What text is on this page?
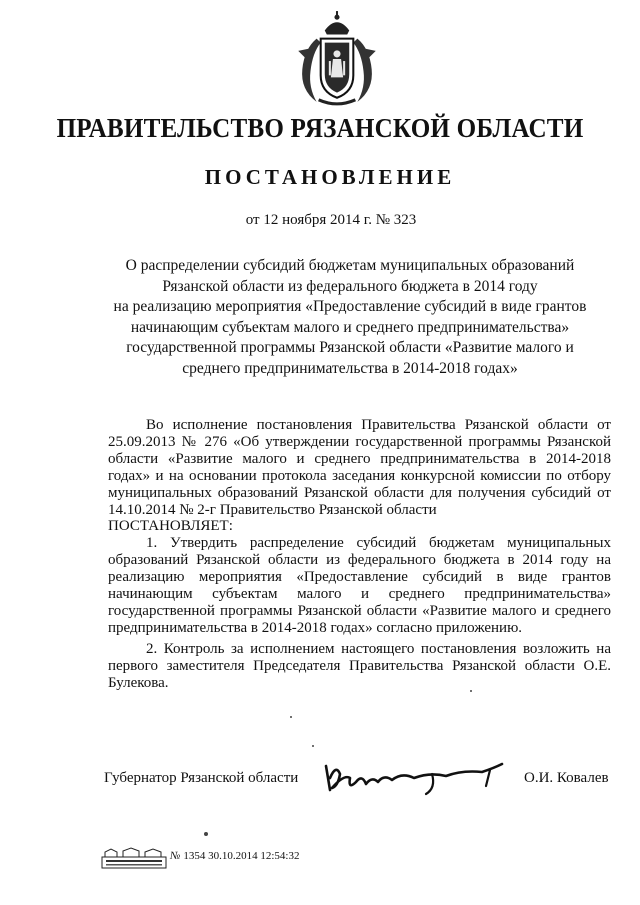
ПРАВИТЕЛЬСТВО РЯЗАНСКОЙ ОБЛАСТИ
ПОСТАНОВЛЕНИЕ
от 12 ноября 2014 г. № 323
О распределении субсидий бюджетам муниципальных образований
Рязанской области из федерального бюджета в 2014 году
на реализацию мероприятия «Предоставление субсидий в виде грантов
начинающим субъектам малого и среднего предпринимательства»
государственной программы Рязанской области «Развитие малого и
среднего предпринимательства в 2014-2018 годах»

Во исполнение постановления Правительства Рязанской области от 25.09.2013 № 276 «Об утверждении государственной программы Рязанской области «Развитие малого и среднего предпринимательства в 2014-2018 годах» и на основании протокола заседания конкурсной комиссии по отбору муниципальных образований Рязанской области для получения субсидий от 14.10.2014 № 2-г Правительство Рязанской области

ПОСТАНОВЛЯЕТ:

1. Утвердить распределение субсидий бюджетам муниципальных образований Рязанской области из федерального бюджета в 2014 году на реализацию мероприятия «Предоставление субсидий в виде грантов начинающим субъектам малого и среднего предпринимательства» государственной программы Рязанской области «Развитие малого и среднего предпринимательства в 2014-2018 годах» согласно приложению.

2. Контроль за исполнением настоящего постановления возложить на первого заместителя Председателя Правительства Рязанской области О.Е. Булекова.

Губернатор Рязанской области	О.И. Ковалев
№ 1354 30.10.2014 12:54:32
